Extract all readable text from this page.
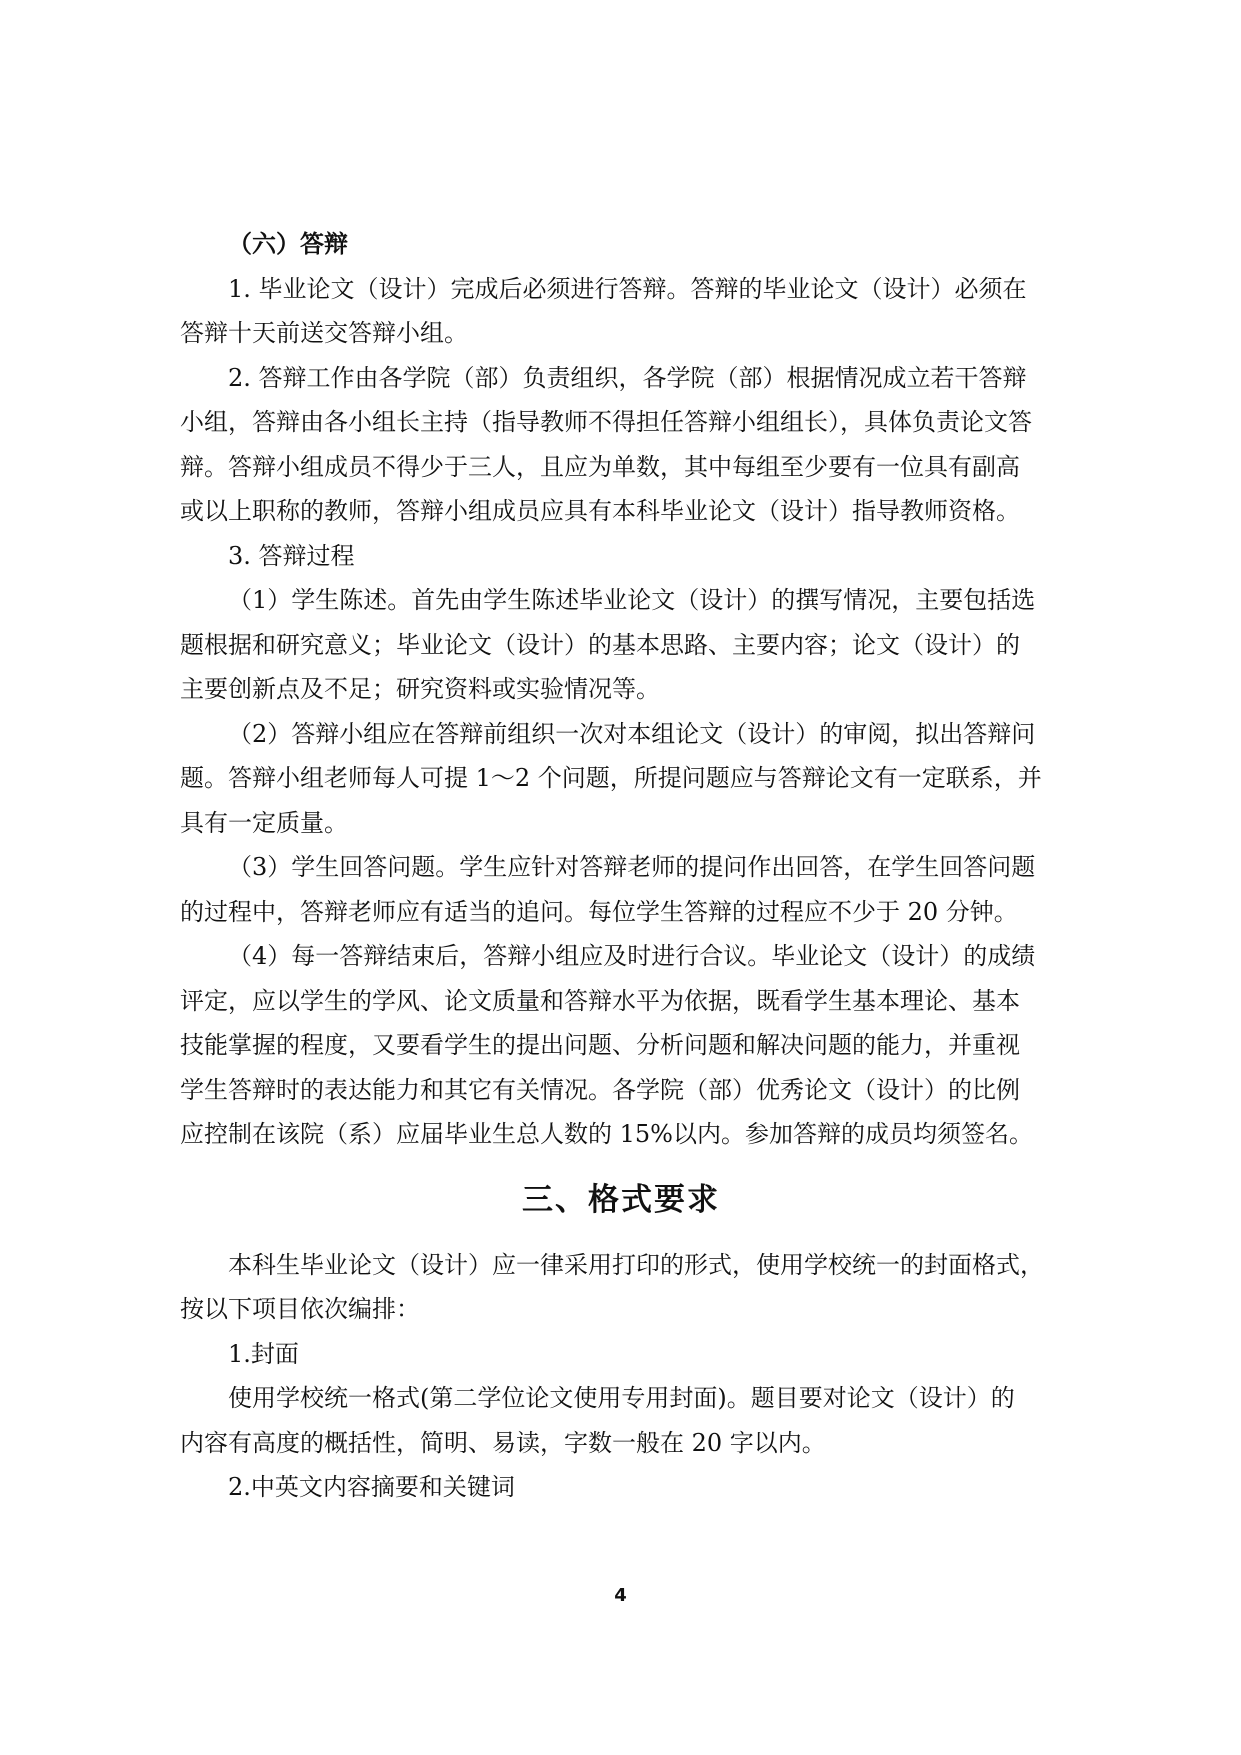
（六）答辩
1. 毕业论文（设计）完成后必须进行答辩。答辩的毕业论文（设计）必须在
答辩十天前送交答辩小组。
2. 答辩工作由各学院（部）负责组织，各学院（部）根据情况成立若干答辩
小组，答辩由各小组长主持（指导教师不得担任答辩小组组长），具体负责论文答
辩。答辩小组成员不得少于三人，且应为单数，其中每组至少要有一位具有副高
或以上职称的教师，答辩小组成员应具有本科毕业论文（设计）指导教师资格。
3. 答辩过程
（1）学生陈述。首先由学生陈述毕业论文（设计）的撰写情况，主要包括选
题根据和研究意义；毕业论文（设计）的基本思路、主要内容；论文（设计）的
主要创新点及不足；研究资料或实验情况等。
（2）答辩小组应在答辩前组织一次对本组论文（设计）的审阅，拟出答辩问
题。答辩小组老师每人可提 1～2 个问题，所提问题应与答辩论文有一定联系，并
具有一定质量。
（3）学生回答问题。学生应针对答辩老师的提问作出回答，在学生回答问题
的过程中，答辩老师应有适当的追问。每位学生答辩的过程应不少于 20 分钟。
（4）每一答辩结束后，答辩小组应及时进行合议。毕业论文（设计）的成绩
评定，应以学生的学风、论文质量和答辩水平为依据，既看学生基本理论、基本
技能掌握的程度，又要看学生的提出问题、分析问题和解决问题的能力，并重视
学生答辩时的表达能力和其它有关情况。各学院（部）优秀论文（设计）的比例
应控制在该院（系）应届毕业生总人数的 15%以内。参加答辩的成员均须签名。
三、格式要求
本科生毕业论文（设计）应一律采用打印的形式，使用学校统一的封面格式，
按以下项目依次编排：
1.封面
使用学校统一格式(第二学位论文使用专用封面)。题目要对论文（设计）的
内容有高度的概括性，简明、易读，字数一般在 20 字以内。
2.中英文内容摘要和关键词
4
